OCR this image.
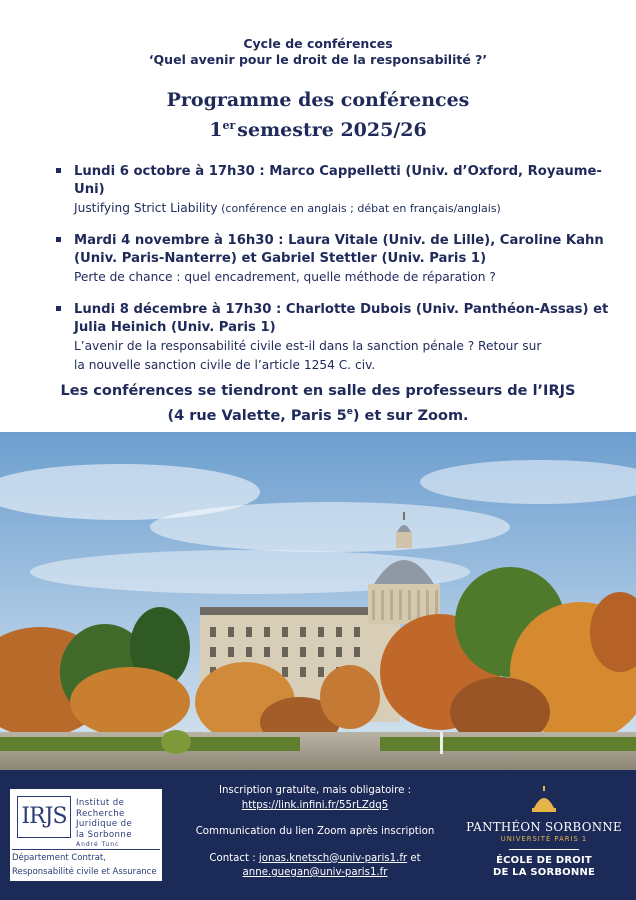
Cycle de conférences
‘Quel avenir pour le droit de la responsabilité ?’
Programme des conférences
1er semestre 2025/26
Lundi 6 octobre à 17h30 : Marco Cappelletti (Univ. d’Oxford, Royaume-Uni)
Justifying Strict Liability (conférence en anglais ; débat en français/anglais)
Mardi 4 novembre à 16h30 : Laura Vitale (Univ. de Lille), Caroline Kahn
(Univ. Paris-Nanterre) et Gabriel Stettler (Univ. Paris 1)
Perte de chance : quel encadrement, quelle méthode de réparation ?
Lundi 8 décembre à 17h30 : Charlotte Dubois (Univ. Panthéon-Assas) et
Julia Heinich (Univ. Paris 1)
L’avenir de la responsabilité civile est-il dans la sanction pénale ? Retour sur
la nouvelle sanction civile de l’article 1254 C. civ.
Les conférences se tiendront en salle des professeurs de l’IRJS
(4 rue Valette, Paris 5e) et sur Zoom.
IRJS
Institut de
Recherche
Juridique de
la Sorbonne
André Tunc
Département Contrat,
Responsabilité civile et Assurance
Inscription gratuite, mais obligatoire :
https://link.infini.fr/55rLZdq5
Communication du lien Zoom après inscription
Contact : jonas.knetsch@univ-paris1.fr et
anne.guegan@univ-paris1.fr
PANTHÉON SORBONNE
UNIVERSITÉ PARIS 1
ÉCOLE DE DROIT
DE LA SORBONNE
